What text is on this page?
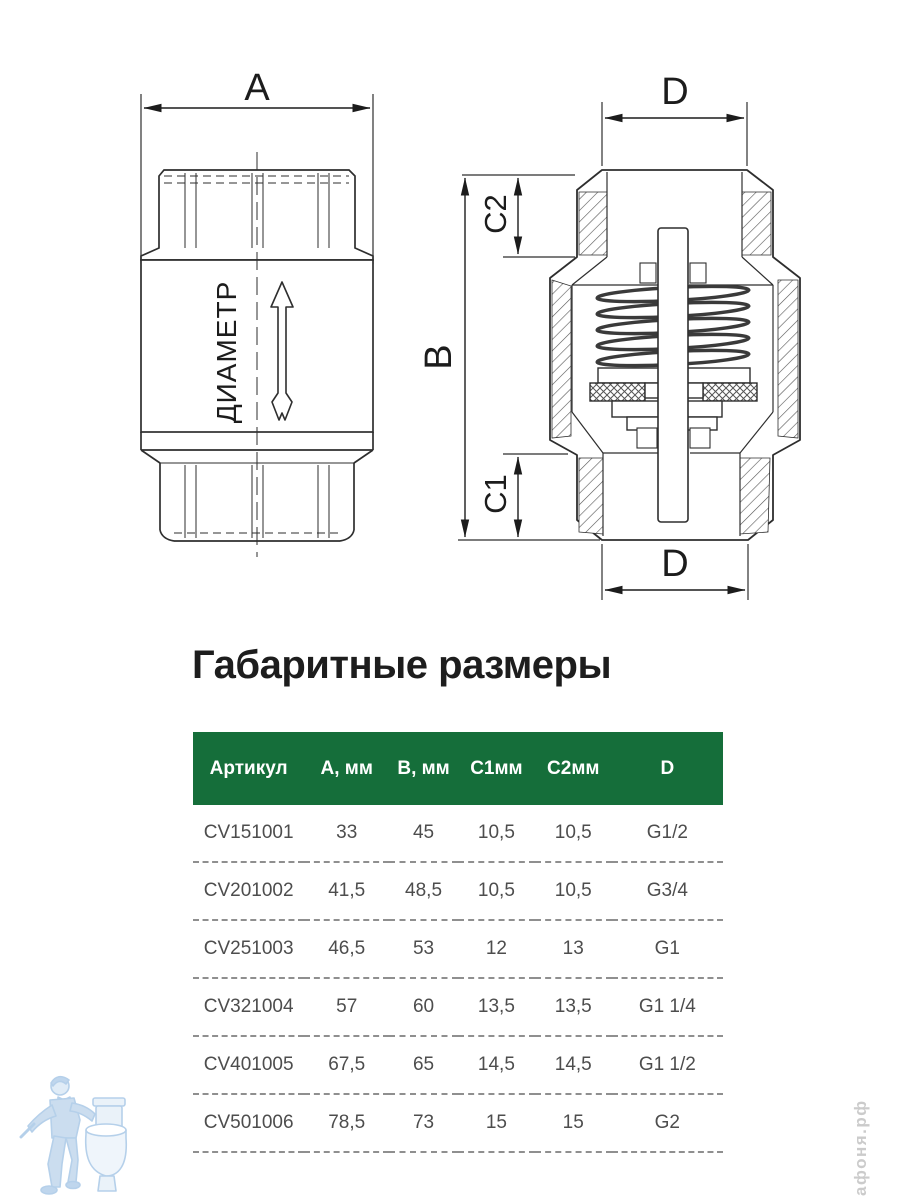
A
ДИАМЕТР
D
C2
B
C1
D
Габаритные размеры
Артикул	А, мм	В, мм	С1мм	С2мм	D
CV151001	33	45	10,5	10,5	G1/2
CV201002	41,5	48,5	10,5	10,5	G3/4
CV251003	46,5	53	12	13	G1
CV321004	57	60	13,5	13,5	G1 1/4
CV401005	67,5	65	14,5	14,5	G1 1/2
CV501006	78,5	73	15	15	G2	афоня.рф
